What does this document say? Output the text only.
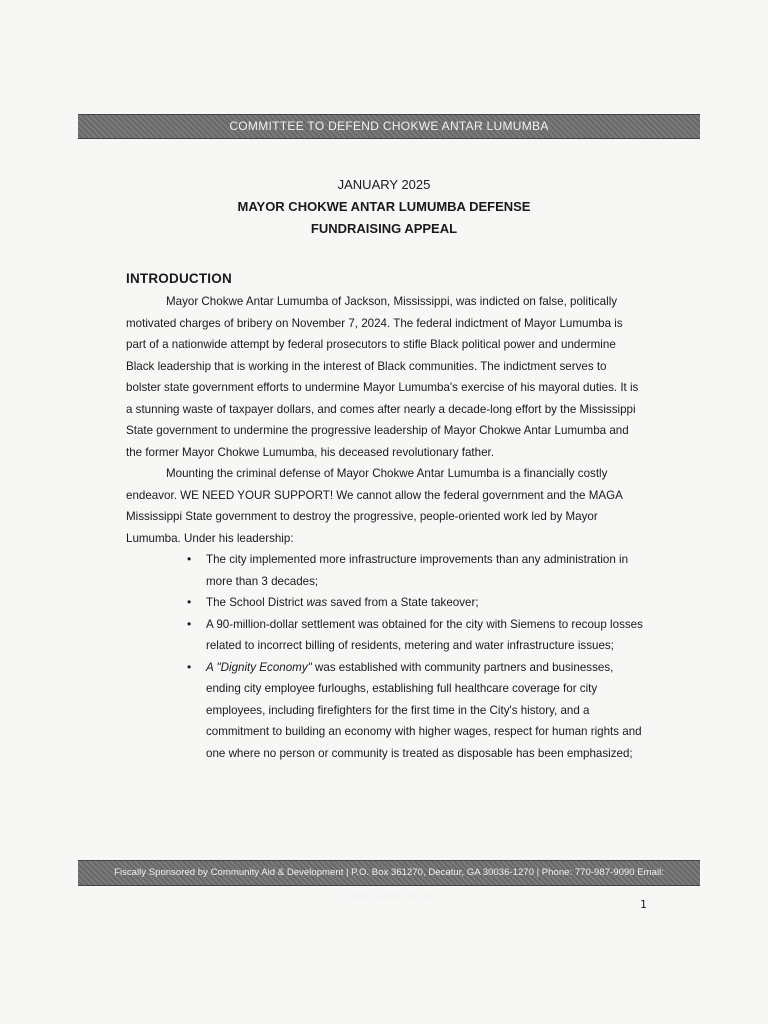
COMMITTEE TO DEFEND CHOKWE ANTAR LUMUMBA
JANUARY 2025
MAYOR CHOKWE ANTAR LUMUMBA DEFENSE
FUNDRAISING APPEAL
INTRODUCTION

Mayor Chokwe Antar Lumumba of Jackson, Mississippi, was indicted on false, politically motivated charges of bribery on November 7, 2024. The federal indictment of Mayor Lumumba is part of a nationwide attempt by federal prosecutors to stifle Black political power and undermine Black leadership that is working in the interest of Black communities. The indictment serves to bolster state government efforts to undermine Mayor Lumumba's exercise of his mayoral duties. It is a stunning waste of taxpayer dollars, and comes after nearly a decade-long effort by the Mississippi State government to undermine the progressive leadership of Mayor Chokwe Antar Lumumba and the former Mayor Chokwe Lumumba, his deceased revolutionary father.

Mounting the criminal defense of Mayor Chokwe Antar Lumumba is a financially costly endeavor. WE NEED YOUR SUPPORT! We cannot allow the federal government and the MAGA Mississippi State government to destroy the progressive, people-oriented work led by Mayor Lumumba. Under his leadership:

• The city implemented more infrastructure improvements than any administration in more than 3 decades;
• The School District was saved from a State takeover;
• A 90-million-dollar settlement was obtained for the city with Siemens to recoup losses related to incorrect billing of residents, metering and water infrastructure issues;
• A "Dignity Economy" was established with community partners and businesses, ending city employee furloughs, establishing full healthcare coverage for city employees, including firefighters for the first time in the City's history, and a commitment to building an economy with higher wages, respect for human rights and one where no person or community is treated as disposable has been emphasized;
Fiscally Sponsored by Community Aid & Development | P.O. Box 361270, Decatur, GA 30036-1270 | Phone: 770-987-9090 Email: info@cadnet.net.org
1
